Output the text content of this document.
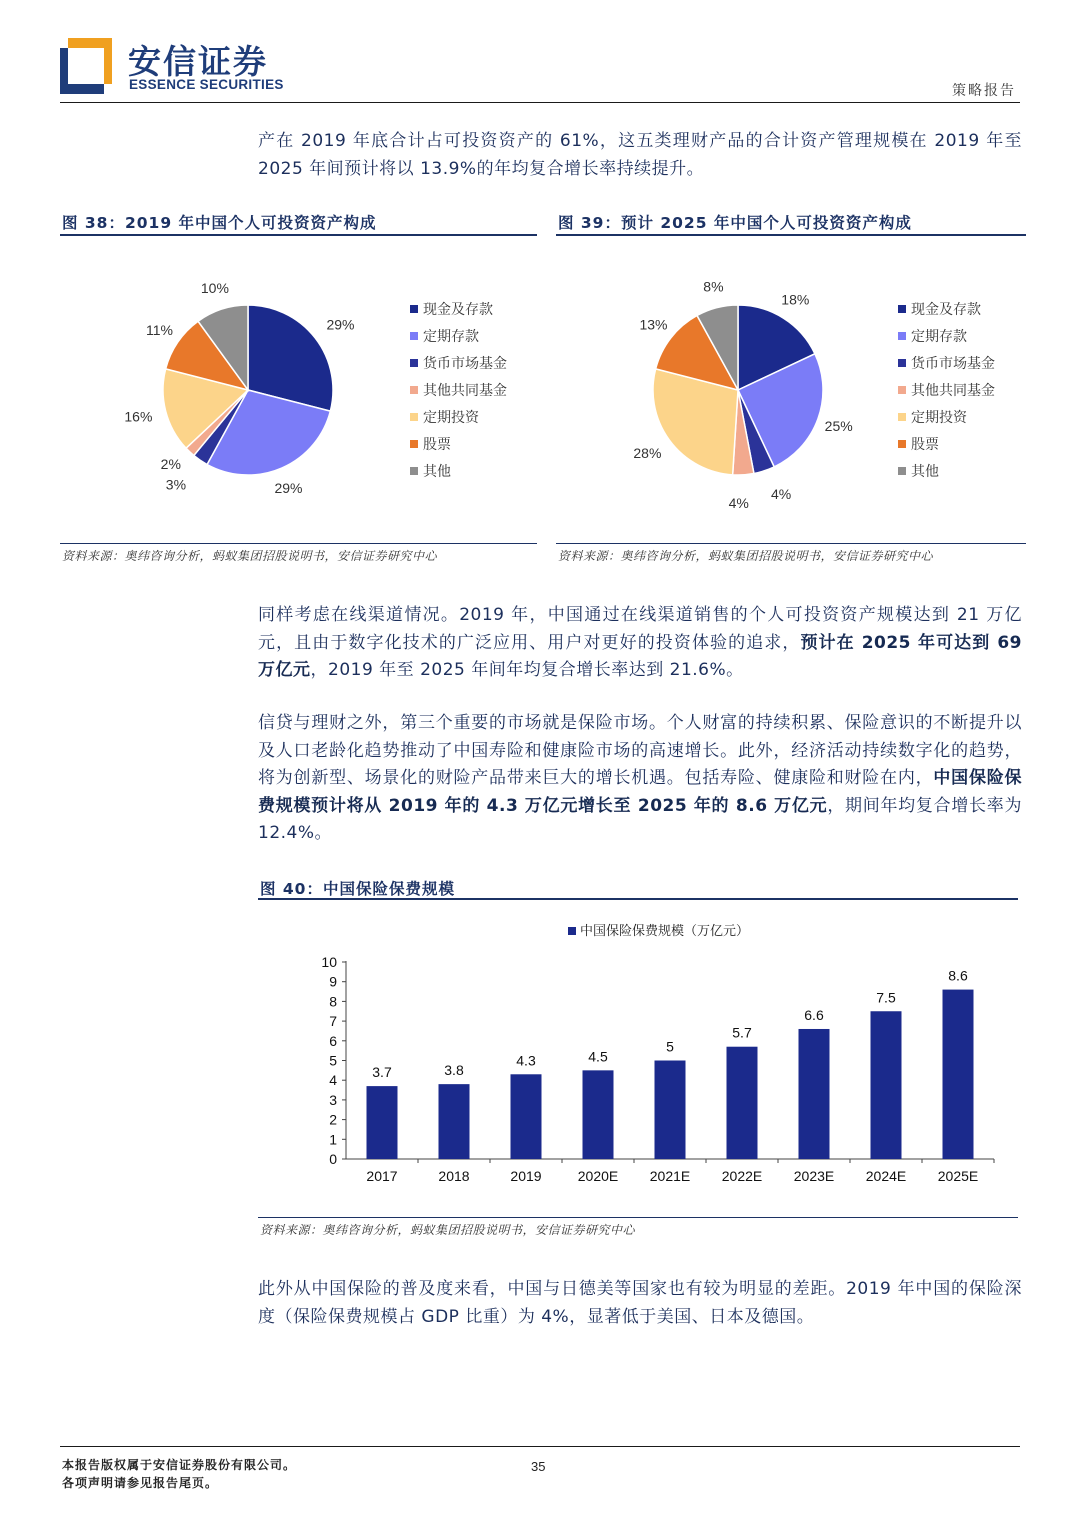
安信证券
ESSENCE SECURITIES	策略报告
产在 2019 年底合计占可投资资产的 61%，这五类理财产品的合计资产管理规模在 2019 年至 2025 年间预计将以 13.9%的年均复合增长率持续提升。
图 38：2019 年中国个人可投资资产构成
29%
29%
3%
2%
16%
11%
10%
现金及存款
定期存款
货币市场基金
其他共同基金
定期投资
股票
其他
资料来源：奥纬咨询分析，蚂蚁集团招股说明书，安信证券研究中心
图 39：预计 2025 年中国个人可投资资产构成
18%
25%
4%
4%
28%
13%
8%
现金及存款
定期存款
货币市场基金
其他共同基金
定期投资
股票
其他
资料来源：奥纬咨询分析，蚂蚁集团招股说明书，安信证券研究中心
同样考虑在线渠道情况。2019 年，中国通过在线渠道销售的个人可投资资产规模达到 21 万亿元，且由于数字化技术的广泛应用、用户对更好的投资体验的追求，预计在 2025 年可达到 69 万亿元，2019 年至 2025 年间年均复合增长率达到 21.6%。
信贷与理财之外，第三个重要的市场就是保险市场。个人财富的持续积累、保险意识的不断提升以及人口老龄化趋势推动了中国寿险和健康险市场的高速增长。此外，经济活动持续数字化的趋势，将为创新型、场景化的财险产品带来巨大的增长机遇。包括寿险、健康险和财险在内，中国保险保费规模预计将从 2019 年的 4.3 万亿元增长至 2025 年的 8.6 万亿元，期间年均复合增长率为 12.4%。
图 40：中国保险保费规模
中国保险保费规模（万亿元）
0
1
2
3
4
5
6
7
8
9
10
3.7
2017
3.8
2018
4.3
2019
4.5
2020E
5
2021E
5.7
2022E
6.6
2023E
7.5
2024E
8.6
2025E
资料来源：奥纬咨询分析，蚂蚁集团招股说明书，安信证券研究中心
此外从中国保险的普及度来看，中国与日德美等国家也有较为明显的差距。2019 年中国的保险深度（保险保费规模占 GDP 比重）为 4%，显著低于美国、日本及德国。
本报告版权属于安信证券股份有限公司。
各项声明请参见报告尾页。
35
